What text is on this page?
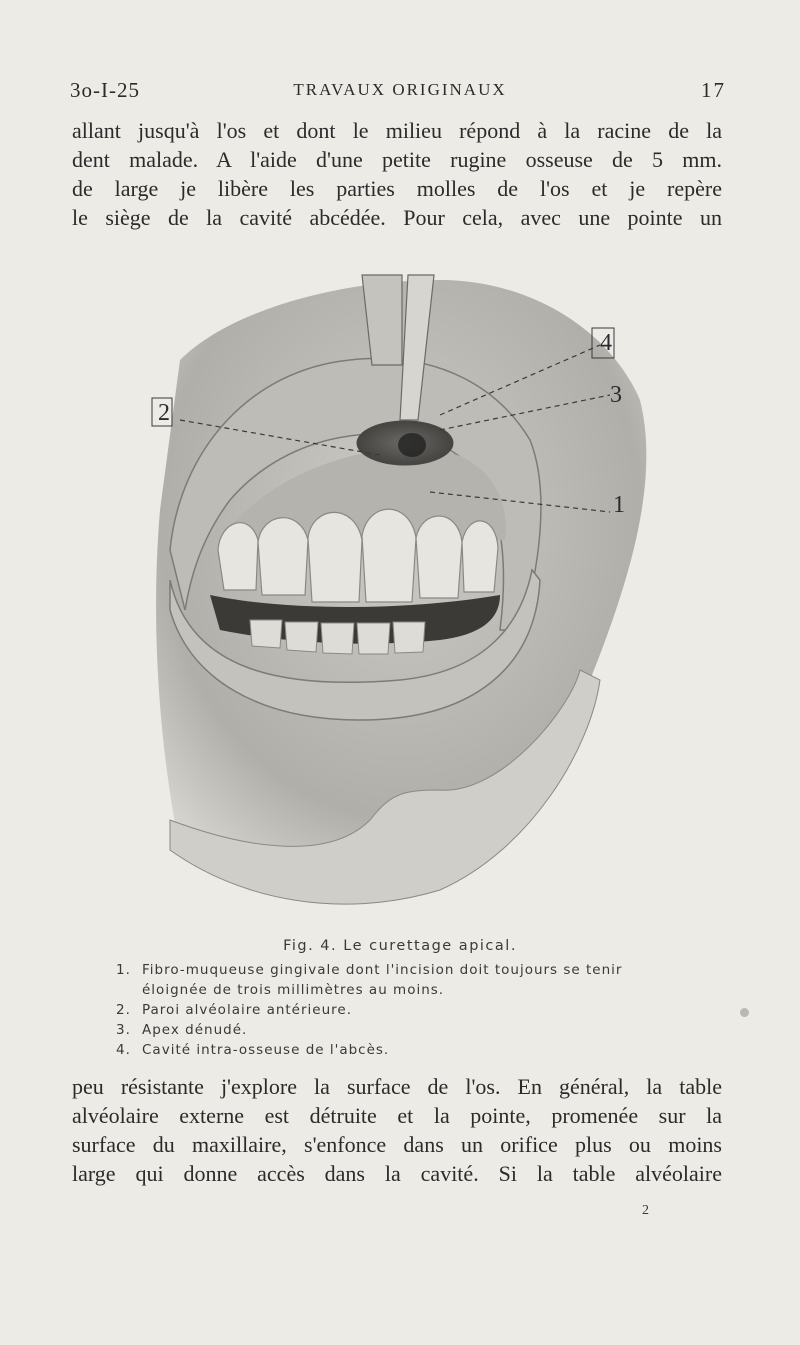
3o-I-25	TRAVAUX ORIGINAUX	17
allant jusqu'à l'os et dont le milieu répond à la racine de la
dent malade. A l'aide d'une petite rugine osseuse de 5 mm.
de large je libère les parties molles de l'os et je repère
le siège de la cavité abcédée. Pour cela, avec une pointe un
1
2
3
4
Fig. 4. Le curettage apical.
1. Fibro-muqueuse gingivale dont l'incision doit toujours se tenir
éloignée de trois millimètres au moins.
2. Paroi alvéolaire antérieure.
3. Apex dénudé.
4. Cavité intra-osseuse de l'abcès.
peu résistante j'explore la surface de l'os. En général, la table
alvéolaire externe est détruite et la pointe, promenée sur la
surface du maxillaire, s'enfonce dans un orifice plus ou moins
large qui donne accès dans la cavité. Si la table alvéolaire
2
